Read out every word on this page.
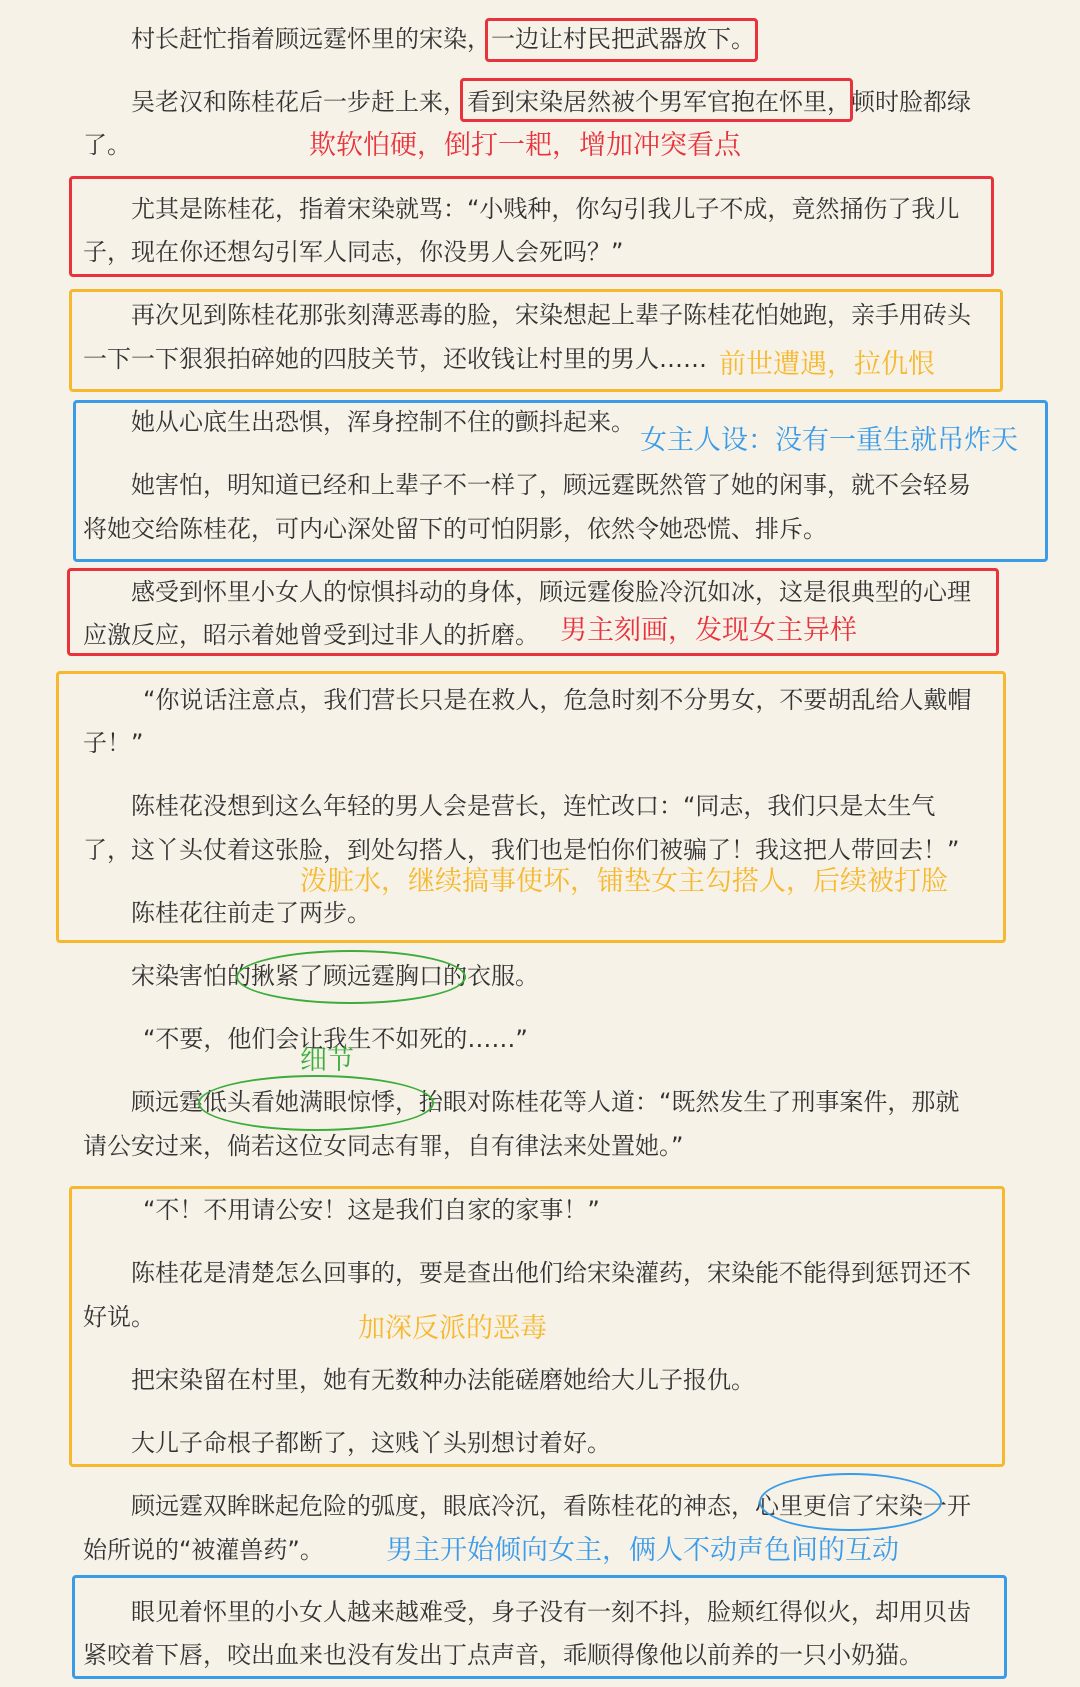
村长赶忙指着顾远霆怀里的宋染，一边让村民把武器放下。
吴老汉和陈桂花后一步赶上来，看到宋染居然被个男军官抱在怀里，顿时脸都绿
了。
尤其是陈桂花，指着宋染就骂：“小贱种，你勾引我儿子不成，竟然捅伤了我儿
子，现在你还想勾引军人同志，你没男人会死吗？”
再次见到陈桂花那张刻薄恶毒的脸，宋染想起上辈子陈桂花怕她跑，亲手用砖头
一下一下狠狠拍碎她的四肢关节，还收钱让村里的男人……
她从心底生出恐惧，浑身控制不住的颤抖起来。
她害怕，明知道已经和上辈子不一样了，顾远霆既然管了她的闲事，就不会轻易
将她交给陈桂花，可内心深处留下的可怕阴影，依然令她恐慌、排斥。
感受到怀里小女人的惊惧抖动的身体，顾远霆俊脸冷沉如冰，这是很典型的心理
应激反应，昭示着她曾受到过非人的折磨。
“你说话注意点，我们营长只是在救人，危急时刻不分男女，不要胡乱给人戴帽
子！”
陈桂花没想到这么年轻的男人会是营长，连忙改口：“同志，我们只是太生气
了，这丫头仗着这张脸，到处勾搭人，我们也是怕你们被骗了！我这把人带回去！”
陈桂花往前走了两步。
宋染害怕的揪紧了顾远霆胸口的衣服。
“不要，他们会让我生不如死的……”
顾远霆低头看她满眼惊悸，抬眼对陈桂花等人道：“既然发生了刑事案件，那就
请公安过来，倘若这位女同志有罪，自有律法来处置她。”
“不！不用请公安！这是我们自家的家事！”
陈桂花是清楚怎么回事的，要是查出他们给宋染灌药，宋染能不能得到惩罚还不
好说。
把宋染留在村里，她有无数种办法能磋磨她给大儿子报仇。
大儿子命根子都断了，这贱丫头别想讨着好。
顾远霆双眸眯起危险的弧度，眼底冷沉，看陈桂花的神态，心里更信了宋染一开
始所说的“被灌兽药”。
眼见着怀里的小女人越来越难受，身子没有一刻不抖，脸颊红得似火，却用贝齿
紧咬着下唇，咬出血来也没有发出丁点声音，乖顺得像他以前养的一只小奶猫。
欺软怕硬，倒打一耙，增加冲突看点
前世遭遇，拉仇恨
女主人设：没有一重生就吊炸天
男主刻画，发现女主异样
泼脏水，继续搞事使坏，铺垫女主勾搭人，后续被打脸
细节
加深反派的恶毒
男主开始倾向女主，俩人不动声色间的互动
